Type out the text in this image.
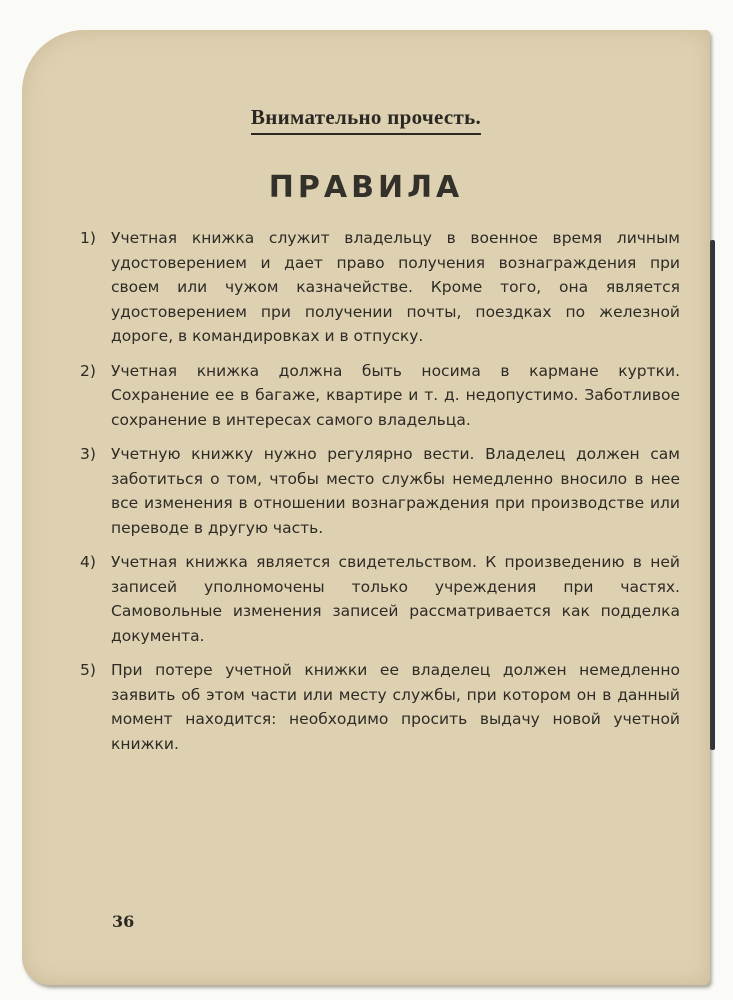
Внимательно прочесть.
ПРАВИЛА
1) Учетная книжка служит владельцу в военное время личным удостоверением и дает право получения вознаграждения при своем или чужом казначействе. Кроме того, она является удостоверением при получении почты, поездках по железной дороге, в командировках и в отпуску.
2) Учетная книжка должна быть носима в кармане куртки. Сохранение ее в багаже, квартире и т. д. недопустимо. Заботливое сохранение в интересах самого владельца.
3) Учетную книжку нужно регулярно вести. Владелец должен сам заботиться о том, чтобы место службы немедленно вносило в нее все изменения в отношении вознаграждения при производстве или переводе в другую часть.
4) Учетная книжка является свидетельством. К произведению в ней записей уполномочены только учреждения при частях. Самовольные изменения записей рассматривается как подделка документа.
5) При потере учетной книжки ее владелец должен немедленно заявить об этом части или месту службы, при котором он в данный момент находится: необходимо просить выдачу новой учетной книжки.
36
